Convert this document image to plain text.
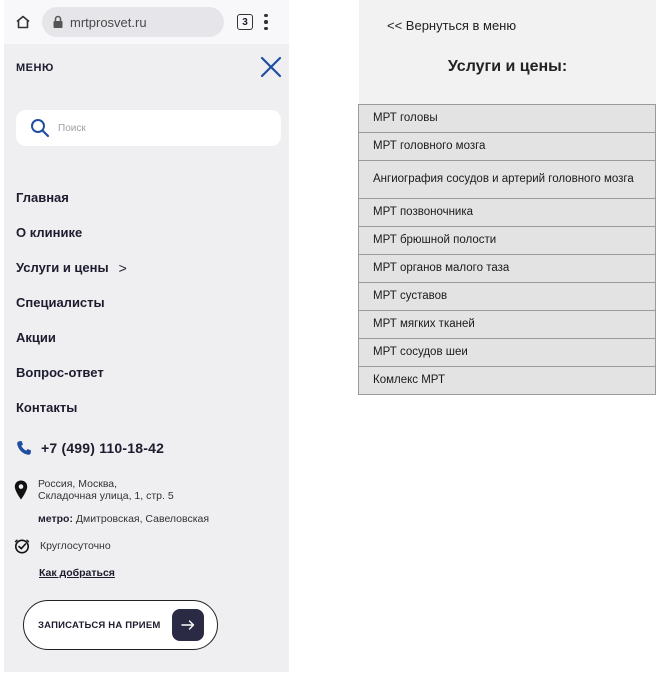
mrtprosvet.ru	3
МЕНЮ
Поиск
Главная
О клинике
Услуги и цены >
Специалисты
Акции
Вопрос-ответ
Контакты
+7 (499) 110-18-42
Россия, Москва,
Складочная улица, 1, стр. 5
метро: Дмитровская, Савеловская
Круглосуточно
Как добраться
ЗАПИСАТЬСЯ НА ПРИЕМ
<< Вернуться в меню
Услуги и цены:
МРТ головы
МРТ головного мозга
Ангиография сосудов и артерий головного мозга
МРТ позвоночника
МРТ брюшной полости
МРТ органов малого таза
МРТ суставов
МРТ мягких тканей
МРТ сосудов шеи
Комлекс МРТ
